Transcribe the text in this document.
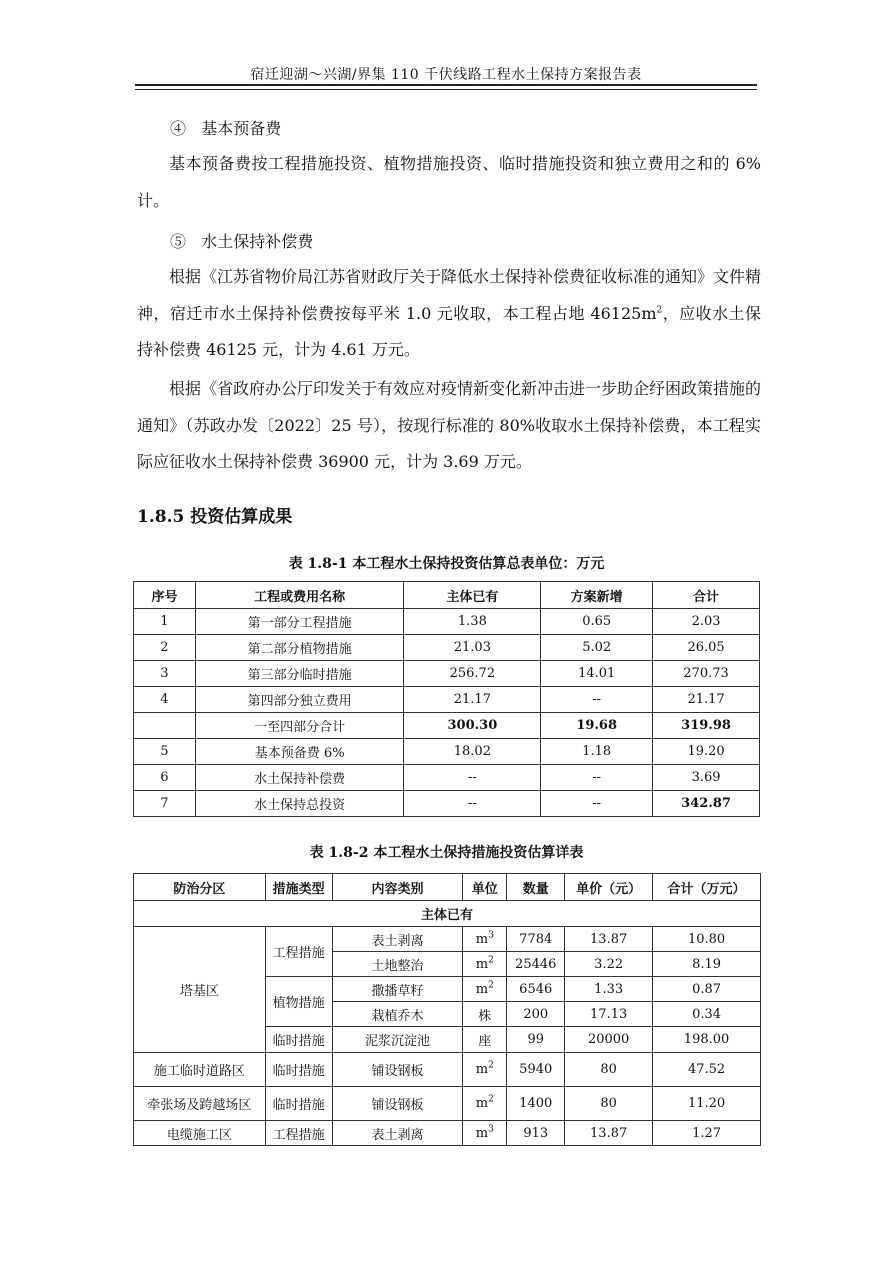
宿迁迎湖～兴湖/界集 110 千伏线路工程水土保持方案报告表
④ 基本预备费
基本预备费按工程措施投资、植物措施投资、临时措施投资和独立费用之和的 6%计。
⑤ 水土保持补偿费
根据《江苏省物价局江苏省财政厅关于降低水土保持补偿费征收标准的通知》文件精神，宿迁市水土保持补偿费按每平米 1.0 元收取，本工程占地 $46125m^2$，应收水土保持补偿费 46125 元，计为 4.61 万元。
根据《省政府办公厅印发关于有效应对疫情新变化新冲击进一步助企纾困政策措施的通知》（苏政办发〔2022〕25 号），按现行标准的 80%收取水土保持补偿费，本工程实际应征收水土保持补偿费 36900 元，计为 3.69 万元。
1.8.5 投资估算成果
表 1.8-1 本工程水土保持投资估算总表单位：万元
序号	工程或费用名称	主体已有	方案新增	合计
1	第一部分工程措施	1.38	0.65	2.03
2	第二部分植物措施	21.03	5.02	26.05
3	第三部分临时措施	256.72	14.01	270.73
4	第四部分独立费用	21.17	--	21.17
	一至四部分合计	300.30	19.68	319.98
5	基本预备费 6%	18.02	1.18	19.20
6	水土保持补偿费	--	--	3.69
7	水土保持总投资	--	--	342.87
表 1.8-2 本工程水土保持措施投资估算详表
防治分区	措施类型	内容类别	单位	数量	单价（元）	合计（万元）
主体已有						
塔基区	工程措施	表土剥离	$m^3$	7784	13.87	10.80
		土地整治	$m^2$	25446	3.22	8.19
	植物措施	撒播草籽	$m^2$	6546	1.33	0.87
		栽植乔木	株	200	17.13	0.34
	临时措施	泥浆沉淀池	座	99	20000	198.00
施工临时道路区	临时措施	铺设钢板	$m^2$	5940	80	47.52
牵张场及跨越场区	临时措施	铺设钢板	$m^2$	1400	80	11.20
电缆施工区	工程措施	表土剥离	$m^3$	913	13.87	1.27
